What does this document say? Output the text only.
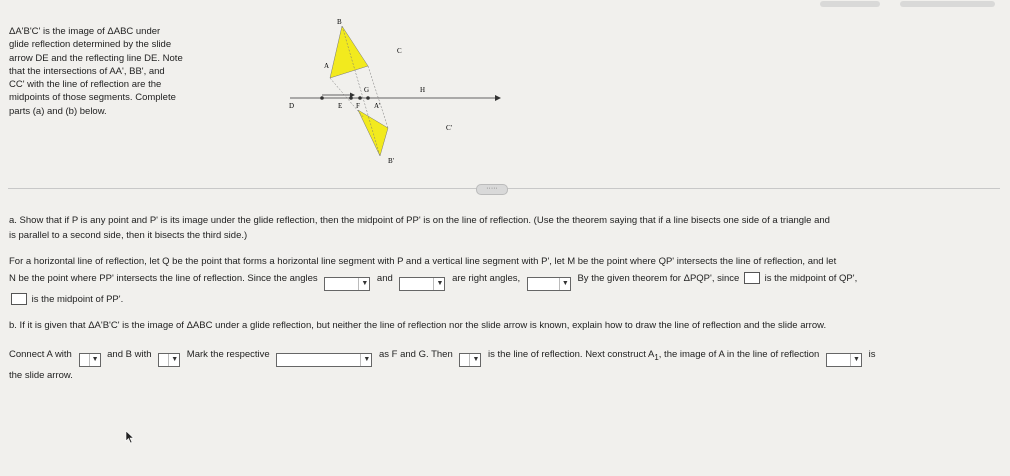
ΔA'B'C' is the image of ΔABC under

glide reflection determined by the slide

arrow DE and the reflecting line DE. Note

that the intersections of AA', BB', and

CC' with the line of reflection are the

midpoints of those segments. Complete

parts (a) and (b) below.

B
C
A
D	E F
G	H
A'
C'
B'
·····
a. Show that if P is any point and P' is its image under the glide reflection, then the midpoint of PP' is on the line of reflection. (Use the theorem saying that if a line bisects one side of a triangle and
is parallel to a second side, then it bisects the third side.)
For a horizontal line of reflection, let Q be the point that forms a horizontal line segment with P and a vertical line segment with P', let M be the point where QP' intersects the line of reflection, and let
N be the point where PP' intersects the line of reflection. Since the angles	▼ and	▼ are right angles,	▼ By the given theorem for ΔPQP', since	is the midpoint of QP',
is the midpoint of PP'.
b. If it is given that ΔA'B'C' is the image of ΔABC under a glide reflection, but neither the line of reflection nor the slide arrow is known, explain how to draw the line of reflection and the slide arrow.
Connect A with	▼ and B with	▼ Mark the respective	▼ as F and G. Then	▼ is the line of reflection. Next construct $A_1$, the image of A in the line of reflection	▼ is
the slide arrow.
